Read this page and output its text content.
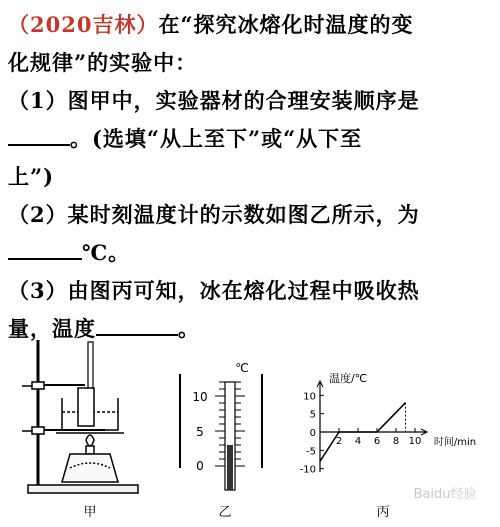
（2020吉林）在“探究冰熔化时温度的变
化规律”的实验中：
（1）图甲中，实验器材的合理安装顺序是
。(选填“从上至下”或“从下至
上”)
（2）某时刻温度计的示数如图乙所示，为
℃。
（3）由图丙可知，冰在熔化过程中吸收热
量，温度	。
甲
℃
10
5
0
乙
10
5
0
-5
-10
2 4 6 8 10
温度/℃
时间/min
丙
Baidu经验
